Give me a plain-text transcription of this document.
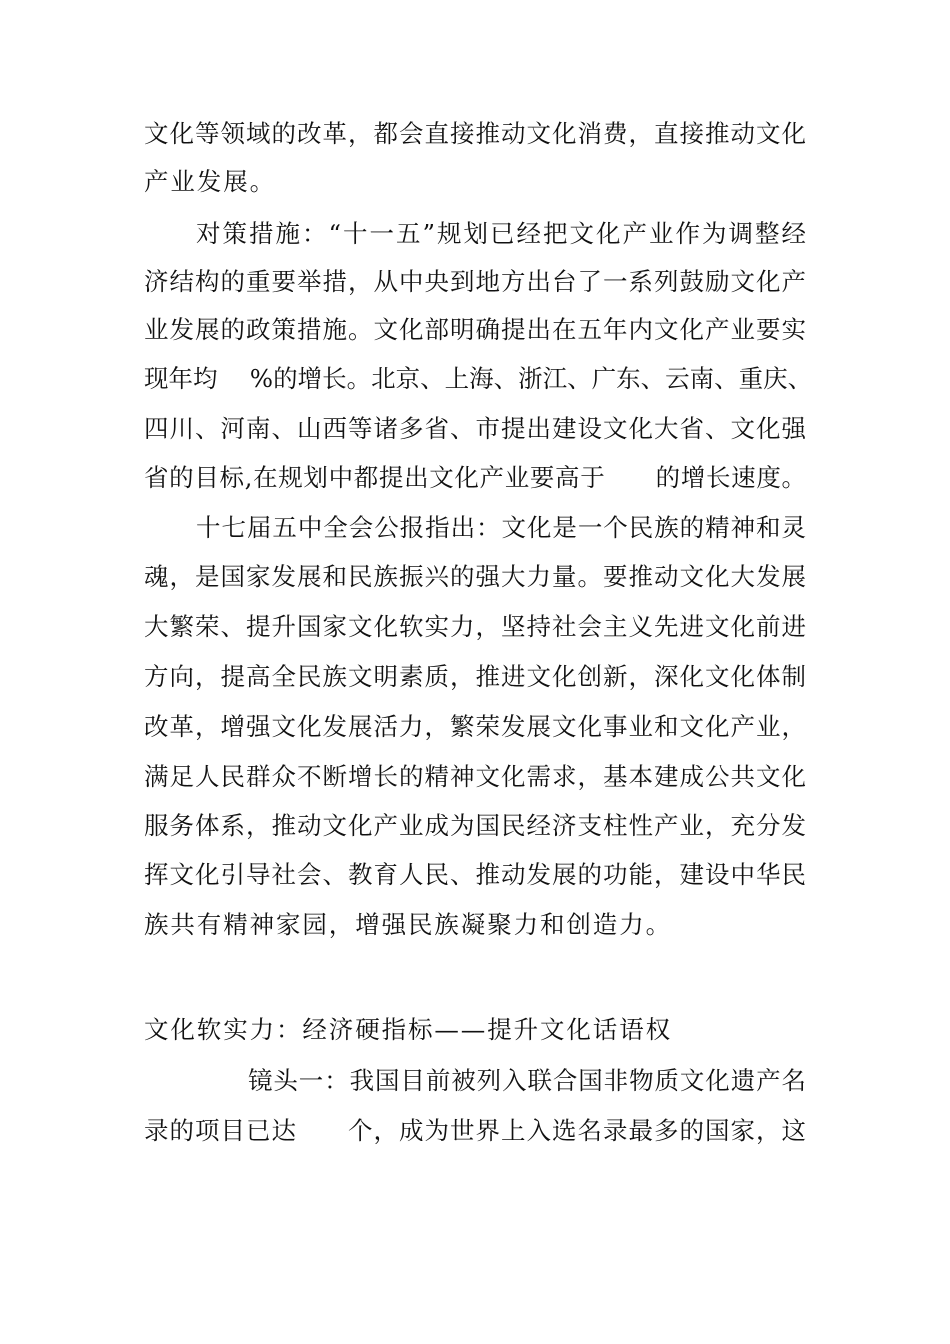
文化等领域的改革，都会直接推动文化消费，直接推动文化
产业发展。
对策措施：“十一五”规划已经把文化产业作为调整经
济结构的重要举措，从中央到地方出台了一系列鼓励文化产
业发展的政策措施。文化部明确提出在五年内文化产业要实
现年均　 %的增长。北京、上海、浙江、广东、云南、重庆、
四川、河南、山西等诸多省、市提出建设文化大省、文化强
省的目标,在规划中都提出文化产业要高于　　的增长速度。
十七届五中全会公报指出：文化是一个民族的精神和灵
魂，是国家发展和民族振兴的强大力量。要推动文化大发展
大繁荣、提升国家文化软实力，坚持社会主义先进文化前进
方向，提高全民族文明素质，推进文化创新，深化文化体制
改革，增强文化发展活力，繁荣发展文化事业和文化产业，
满足人民群众不断增长的精神文化需求，基本建成公共文化
服务体系，推动文化产业成为国民经济支柱性产业，充分发
挥文化引导社会、教育人民、推动发展的功能，建设中华民
族共有精神家园，增强民族凝聚力和创造力。
文化软实力：经济硬指标——提升文化话语权
镜头一：我国目前被列入联合国非物质文化遗产名
录的项目已达　　个，成为世界上入选名录最多的国家，这
